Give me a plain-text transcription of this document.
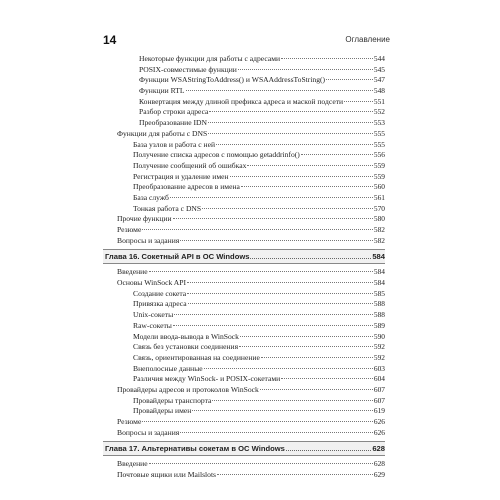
14	Оглавление
Некоторые функции для работы с адресами	544
POSIX-совместимые функции	545
Функции WSAStringToAddress() и WSAAddressToString()	547
Функции RTL	548
Конвертация между длиной префикса адреса и маской подсети	551
Разбор строки адреса	552
Преобразование IDN	553
Функции для работы с DNS	555
База узлов и работа с ней	555
Получение списка адресов с помощью getaddrinfo()	556
Получение сообщений об ошибках	559
Регистрация и удаление имен	559
Преобразование адресов в имена	560
База служб	561
Тонкая работа с DNS	570
Прочие функции	580
Резюме	582
Вопросы и задания	582
Глава 16. Сокетный API в ОС Windows	584
Введение	584
Основы WinSock API	584
Создание сокета	585
Привязка адреса	588
Unix-сокеты	588
Raw-сокеты	589
Модели ввода-вывода в WinSock	590
Связь без установки соединения	592
Связь, ориентированная на соединение	592
Внеполосные данные	603
Различия между WinSock- и POSIX-сокетами	604
Провайдеры адресов и протоколов WinSock	607
Провайдеры транспорта	607
Провайдеры имен	619
Резюме	626
Вопросы и задания	626
Глава 17. Альтернативы сокетам в ОС Windows	628
Введение	628
Почтовые ящики или Mailslots	629
